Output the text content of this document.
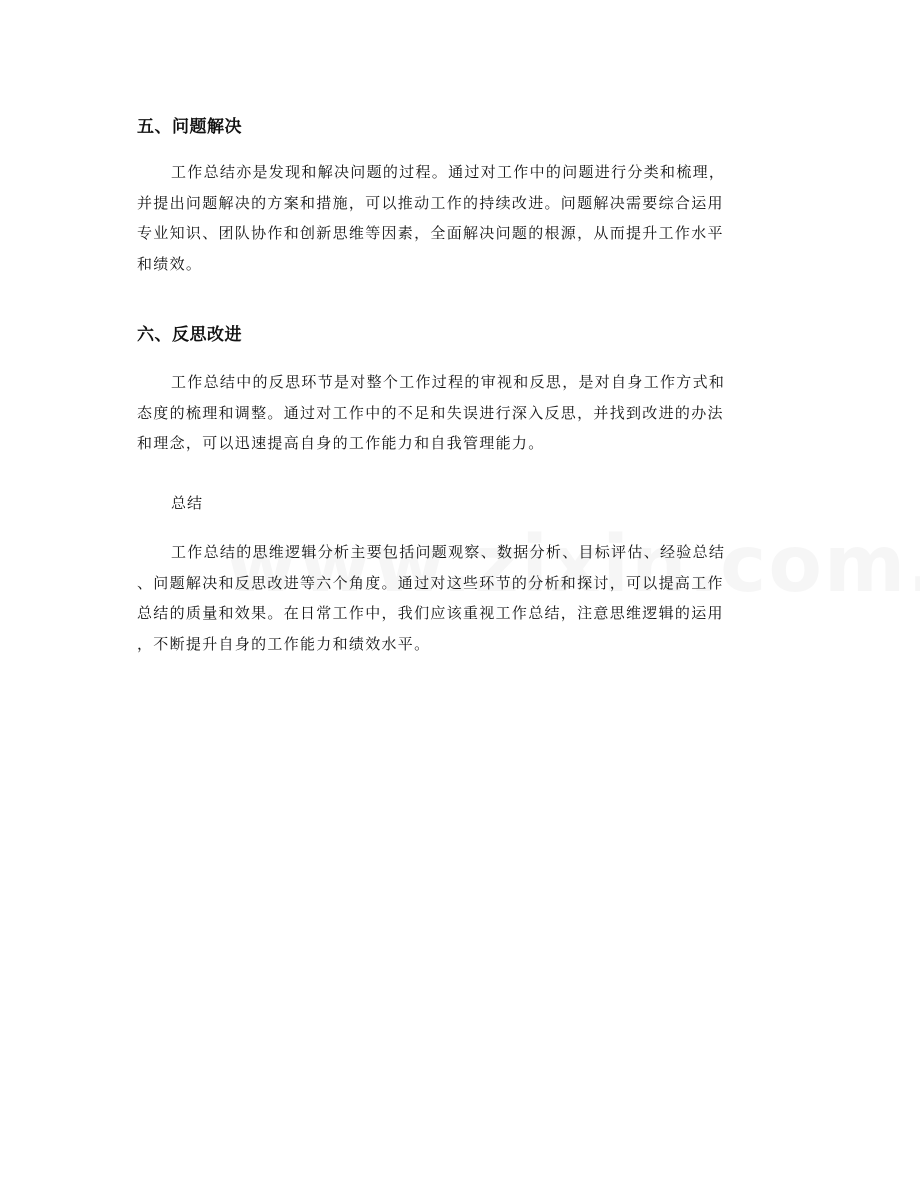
五、问题解决
工作总结亦是发现和解决问题的过程。通过对工作中的问题进行分类和梳理，
并提出问题解决的方案和措施，可以推动工作的持续改进。问题解决需要综合运用
专业知识、团队协作和创新思维等因素，全面解决问题的根源，从而提升工作水平
和绩效。
六、反思改进
工作总结中的反思环节是对整个工作过程的审视和反思，是对自身工作方式和
态度的梳理和调整。通过对工作中的不足和失误进行深入反思，并找到改进的办法
和理念，可以迅速提高自身的工作能力和自我管理能力。
总结
工作总结的思维逻辑分析主要包括问题观察、数据分析、目标评估、经验总结
、问题解决和反思改进等六个角度。通过对这些环节的分析和探讨，可以提高工作
总结的质量和效果。在日常工作中，我们应该重视工作总结，注意思维逻辑的运用
，不断提升自身的工作能力和绩效水平。
